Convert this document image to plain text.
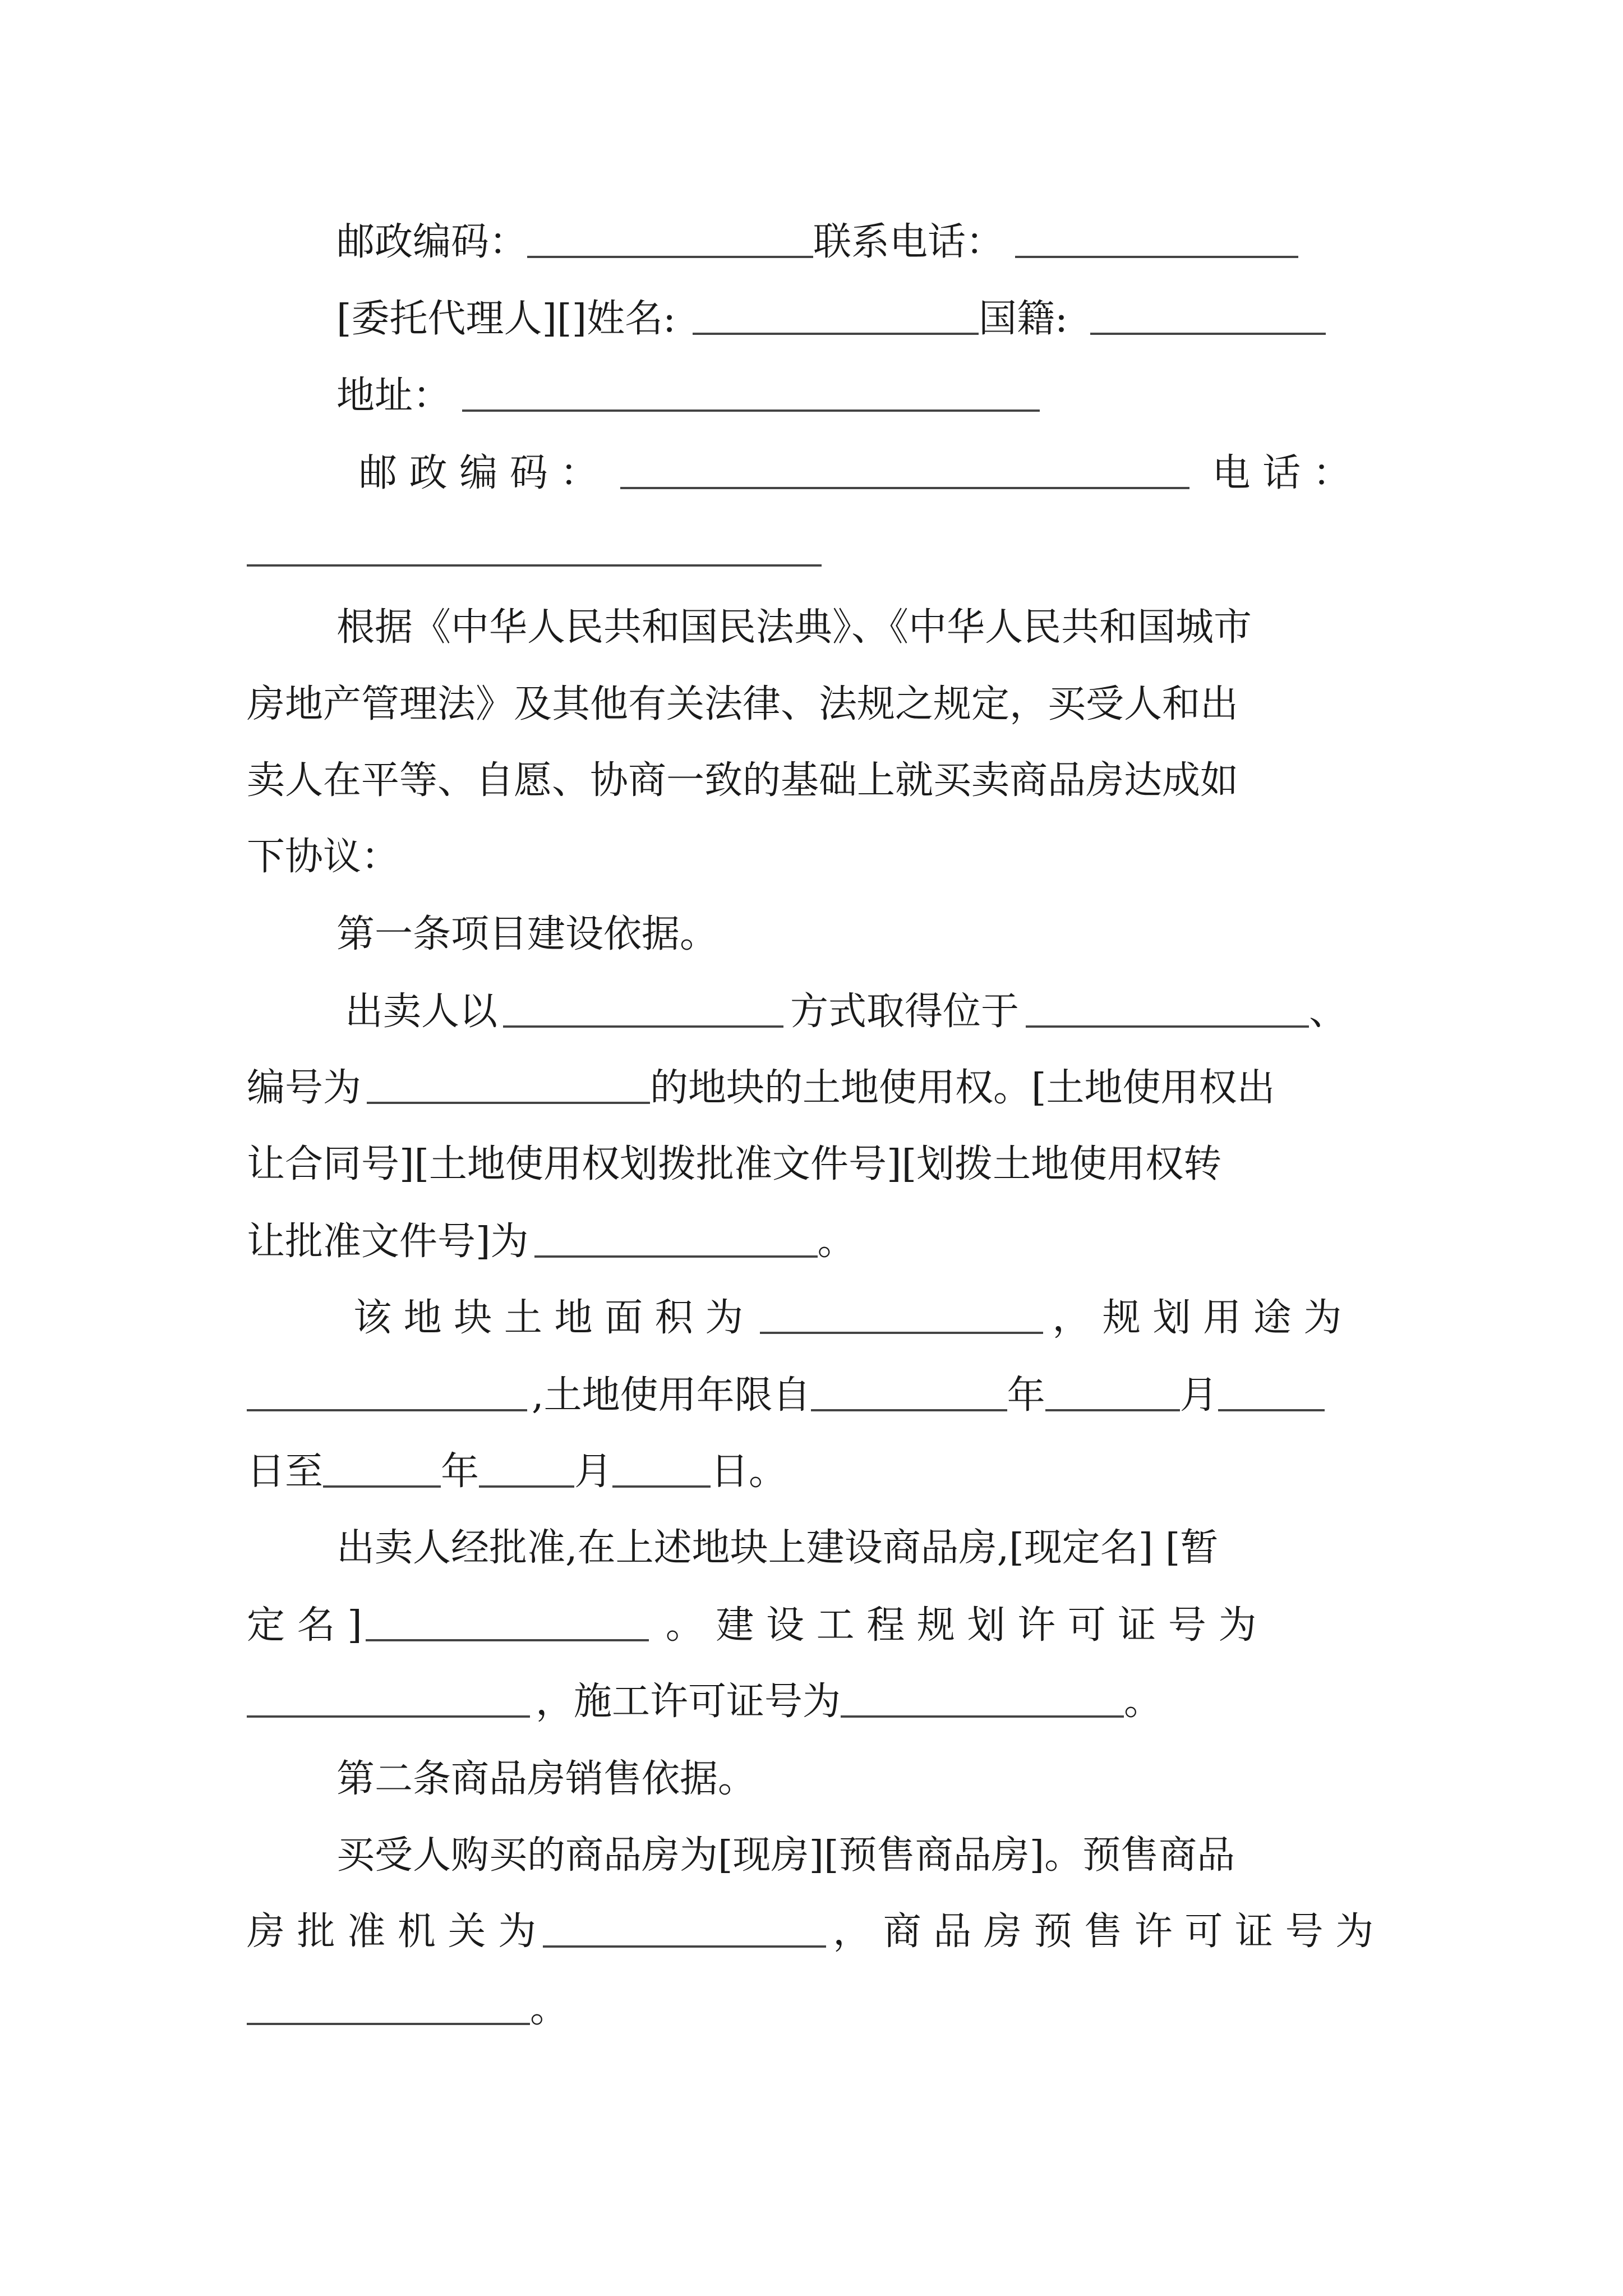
邮政编码：	联系电话：
[委托代理人][]姓名:	国籍:
地址：
邮 政 编 码 ：	电 话 ：
根据《中华人民共和国民法典》、《中华人民共和国城市
房地产管理法》及其他有关法律、法规之规定，买受人和出
卖人在平等、自愿、协商一致的基础上就买卖商品房达成如
下协议：
第一条项目建设依据。
出卖人以	方式取得位于	、
编号为	的地块的土地使用权。[土地使用权出
让合同号][土地使用权划拨批准文件号][划拨土地使用权转
让批准文件号]为	。
该 地 块 土 地 面 积 为	， 规 划 用 途 为
,土地使用年限自	年	月
日至	年	月	日。
出卖人经批准,在上述地块上建设商品房,[现定名] [暂
定 名 ]	。 建 设 工 程 规 划 许 可 证 号 为
，施工许可证号为	。
第二条商品房销售依据。
买受人购买的商品房为[现房][预售商品房]。预售商品
房 批 准 机 关 为	， 商 品 房 预 售 许 可 证 号 为
。
